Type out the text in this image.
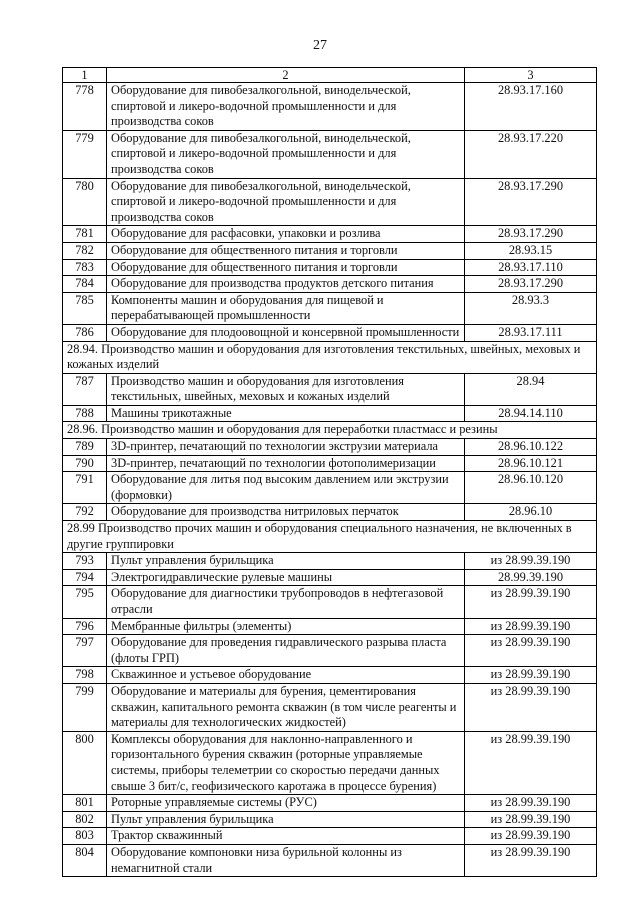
27
1	2	3
778	Оборудование для пивобезалкогольной, винодельческой, спиртовой и ликеро-водочной промышленности и для производства соков	28.93.17.160
779	Оборудование для пивобезалкогольной, винодельческой, спиртовой и ликеро-водочной промышленности и для производства соков	28.93.17.220
780	Оборудование для пивобезалкогольной, винодельческой, спиртовой и ликеро-водочной промышленности и для производства соков	28.93.17.290
781	Оборудование для расфасовки, упаковки и розлива	28.93.17.290
782	Оборудование для общественного питания и торговли	28.93.15
783	Оборудование для общественного питания и торговли	28.93.17.110
784	Оборудование для производства продуктов детского питания	28.93.17.290
785	Компоненты машин и оборудования для пищевой и перерабатывающей промышленности	28.93.3
786	Оборудование для плодоовощной и консервной промышленности	28.93.17.111
28.94. Производство машин и оборудования для изготовления текстильных, швейных, меховых и кожаных изделий		
787	Производство машин и оборудования для изготовления текстильных, швейных, меховых и кожаных изделий	28.94
788	Машины трикотажные	28.94.14.110
28.96. Производство машин и оборудования для переработки пластмасс и резины		
789	3D-принтер, печатающий по технологии экструзии материала	28.96.10.122
790	3D-принтер, печатающий по технологии фотополимеризации	28.96.10.121
791	Оборудование для литья под высоким давлением или экструзии (формовки)	28.96.10.120
792	Оборудование для производства нитриловых перчаток	28.96.10
28.99 Производство прочих машин и оборудования специального назначения, не включенных в другие группировки		
793	Пульт управления бурильщика	из 28.99.39.190
794	Электрогидравлические рулевые машины	28.99.39.190
795	Оборудование для диагностики трубопроводов в нефтегазовой отрасли	из 28.99.39.190
796	Мембранные фильтры (элементы)	из 28.99.39.190
797	Оборудование для проведения гидравлического разрыва пласта (флоты ГРП)	из 28.99.39.190
798	Скважинное и устьевое оборудование	из 28.99.39.190
799	Оборудование и материалы для бурения, цементирования скважин, капитального ремонта скважин (в том числе реагенты и материалы для технологических жидкостей)	из 28.99.39.190
800	Комплексы оборудования для наклонно-направленного и горизонтального бурения скважин (роторные управляемые системы, приборы телеметрии со скоростью передачи данных свыше 3 бит/с, геофизического каротажа в процессе бурения)	из 28.99.39.190
801	Роторные управляемые системы (РУС)	из 28.99.39.190
802	Пульт управления бурильщика	из 28.99.39.190
803	Трактор скважинный	из 28.99.39.190
804	Оборудование компоновки низа бурильной колонны из немагнитной стали	из 28.99.39.190
